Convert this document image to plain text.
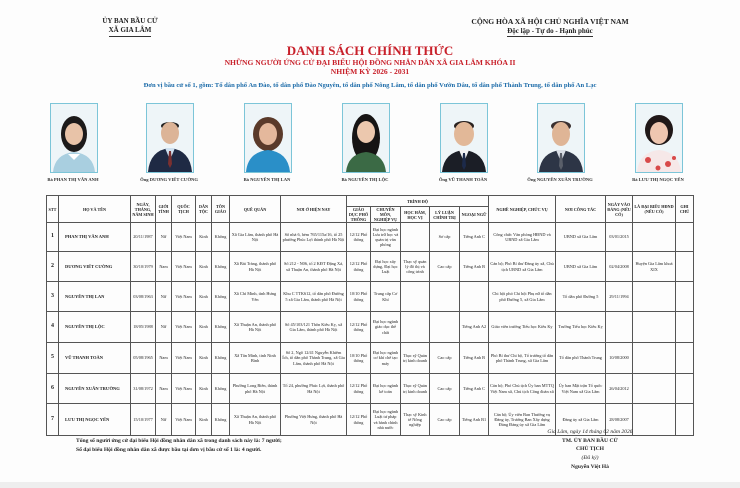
ỦY BAN BẦU CỬ
XÃ GIA LÂM
CỘNG HÒA XÃ HỘI CHỦ NGHĨA VIỆT NAM
Độc lập - Tự do - Hạnh phúc
DANH SÁCH CHÍNH THỨC
NHỮNG NGƯỜI ỨNG CỬ ĐẠI BIỂU HỘI ĐỒNG NHÂN DÂN XÃ GIA LÂM KHÓA II
NHIỆM KỲ 2026 - 2031
Đơn vị bầu cử số 1, gồm: Tổ dân phố An Đào, tổ dân phố Đào Nguyên, tổ dân phố Nông Lâm, tổ dân phố Vườn Dâu, tổ dân phố Thành Trung, tổ dân phố An Lạc
Bà PHAN THỊ VÂN ANH	Ông DƯƠNG VIẾT CƯỜNG	Bà NGUYỄN THỊ LAN	Bà NGUYỄN THỊ LỘC	Ông VŨ THANH TOÀN	Ông NGUYỄN XUÂN TRƯỜNG	Bà LƯU THỊ NGỌC YẾN
STT	HỌ VÀ TÊN	NGÀY, THÁNG, NĂM SINH	GIỚI TÍNH	QUỐC TỊCH	DÂN TỘC	TÔN GIÁO	QUÊ QUÁN	NƠI Ở HIỆN NAY	TRÌNH ĐỘ					NGHỀ NGHIỆP, CHỨC VỤ	NƠI CÔNG TÁC	NGÀY VÀO ĐẢNG (NẾU CÓ)	LÀ ĐẠI BIỂU HĐND (NẾU CÓ)	GHI CHÚ
									GIÁO DỤC PHỔ THÔNG	CHUYÊN MÔN, NGHIỆP VỤ	HỌC HÀM, HỌC VỊ	LÝ LUẬN CHÍNH TRỊ	NGOẠI NGỮ					
1	PHAN THỊ VÂN ANH	20/11/1987	Nữ	Việt Nam	Kinh	Không	Xã Gia Lâm, thành phố Hà Nội	Số nhà 6, hẻm 765/115a/16, tổ 25 phường Phúc Lợi thành phố Hà Nội	12/12 Phổ thông	Đại học ngành Lưu trữ học và quản trị văn phòng		Sơ cấp	Tiếng Anh C	Công chức Văn phòng HĐND và UBND xã Gia Lâm	UBND xã Gia Lâm	03/01/2015		
2	DƯƠNG VIẾT CƯỜNG	30/10/1979	Nam	Việt Nam	Kinh	Không	Xã Bát Tràng, thành phố Hà Nội	Số 212 - N06, tổ 2 KĐT Đặng Xá, xã Thuận An, thành phố Hà Nội	12/12 Phổ thông	Đại học xây dựng, Đại học Luật	Thạc sỹ quản lý đô thị và công trình	Cao cấp	Tiếng Anh B	Cán bộ; Phó Bí thư Đảng ủy xã, Chủ tịch UBND xã Gia Lâm	UBND xã Gia Lâm	02/04/2008	Huyện Gia Lâm khoá XIX	
3	NGUYỄN THỊ LAN	03/08/1963	Nữ	Việt Nam	Kinh	Không	Xã Chí Minh, tỉnh Hưng Yên	Khu C TTK612, tổ dân phố Đường 5 xã Gia Lâm, thành phố Hà Nội	10/10 Phổ thông	Trung cấp Cơ Khí				Chi hội phó Chi hội Phụ nữ tổ dân phố Đường 5, xã Gia Lâm	Tổ dân phố Đường 5	29/11/1994		
4	NGUYỄN THỊ LỘC	18/05/1988	Nữ	Việt Nam	Kinh	Không	Xã Thuận An, thành phố Hà Nội	Số 45/103/121 Thôn Kiêu Kỵ, xã Gia Lâm, thành phố Hà Nội	12/12 Phổ thông	Đại học ngành giáo dục thể chất			Tiếng Anh A2	Giáo viên trường Tiểu học Kiêu Kỵ	Trường Tiểu học Kiêu Kỵ			
5	VŨ THANH TOÀN	05/08/1965	Nam	Việt Nam	Kinh	Không	Xã Tân Minh, tỉnh Ninh Bình	Số 2, Ngõ 12/41 Nguyễn Khiêm Ích, tổ dân phố Thành Trung, xã Gia Lâm, thành phố Hà Nội	10/10 Phổ thông	Đại học ngành cơ khí chế tạo máy	Thạc sỹ Quản trị kinh doanh	Cao cấp	Tiếng Anh B	Phó Bí thư Chi bộ, Tổ trưởng tổ dân phố Thành Trung, xã Gia Lâm	Tổ dân phố Thành Trung	10/08/2000		
6	NGUYỄN XUÂN TRƯỜNG	31/08/1972	Nam	Việt Nam	Kinh	Không	Phường Long Biên, thành phố Hà Nội	Tổ 24, phường Phúc Lợi, thành phố Hà Nội	12/12 Phổ thông	Đại học ngành kế toán	Thạc sỹ Quản trị kinh doanh	Cao cấp	Tiếng Anh C	Cán bộ; Phó Chủ tịch Ủy ban MTTQ Việt Nam xã, Chủ tịch Công đoàn xã	Ủy ban Mặt trận Tổ quốc Việt Nam xã Gia Lâm	26/04/2012		
7	LƯU THỊ NGỌC YẾN	15/10/1977	Nữ	Việt Nam	Kinh	Không	Xã Thuận An, thành phố Hà Nội	Phường Việt Hưng, thành phố Hà Nội	12/12 Phổ thông	Đại học ngành Luật tư pháp và hành chính nhà nước	Thạc sỹ Kinh tế Nông nghiệp	Cao cấp	Tiếng Anh B1	Cán bộ; Ủy viên Ban Thường vụ Đảng ủy, Trưởng Ban Xây dựng Đảng Đảng ủy xã Gia Lâm	Đảng ủy xã Gia Lâm	28/08/2007		
Tổng số người ứng cử đại biểu Hội đồng nhân dân xã trong danh sách này là: 7 người;
Số đại biểu Hội đồng nhân dân xã được bầu tại đơn vị bầu cử số 1 là: 4 người.
Gia Lâm, ngày 14 tháng 02 năm 2026
TM. ỦY BAN BẦU CỬ
CHỦ TỊCH
(Đã ký)
Nguyễn Việt Hà
